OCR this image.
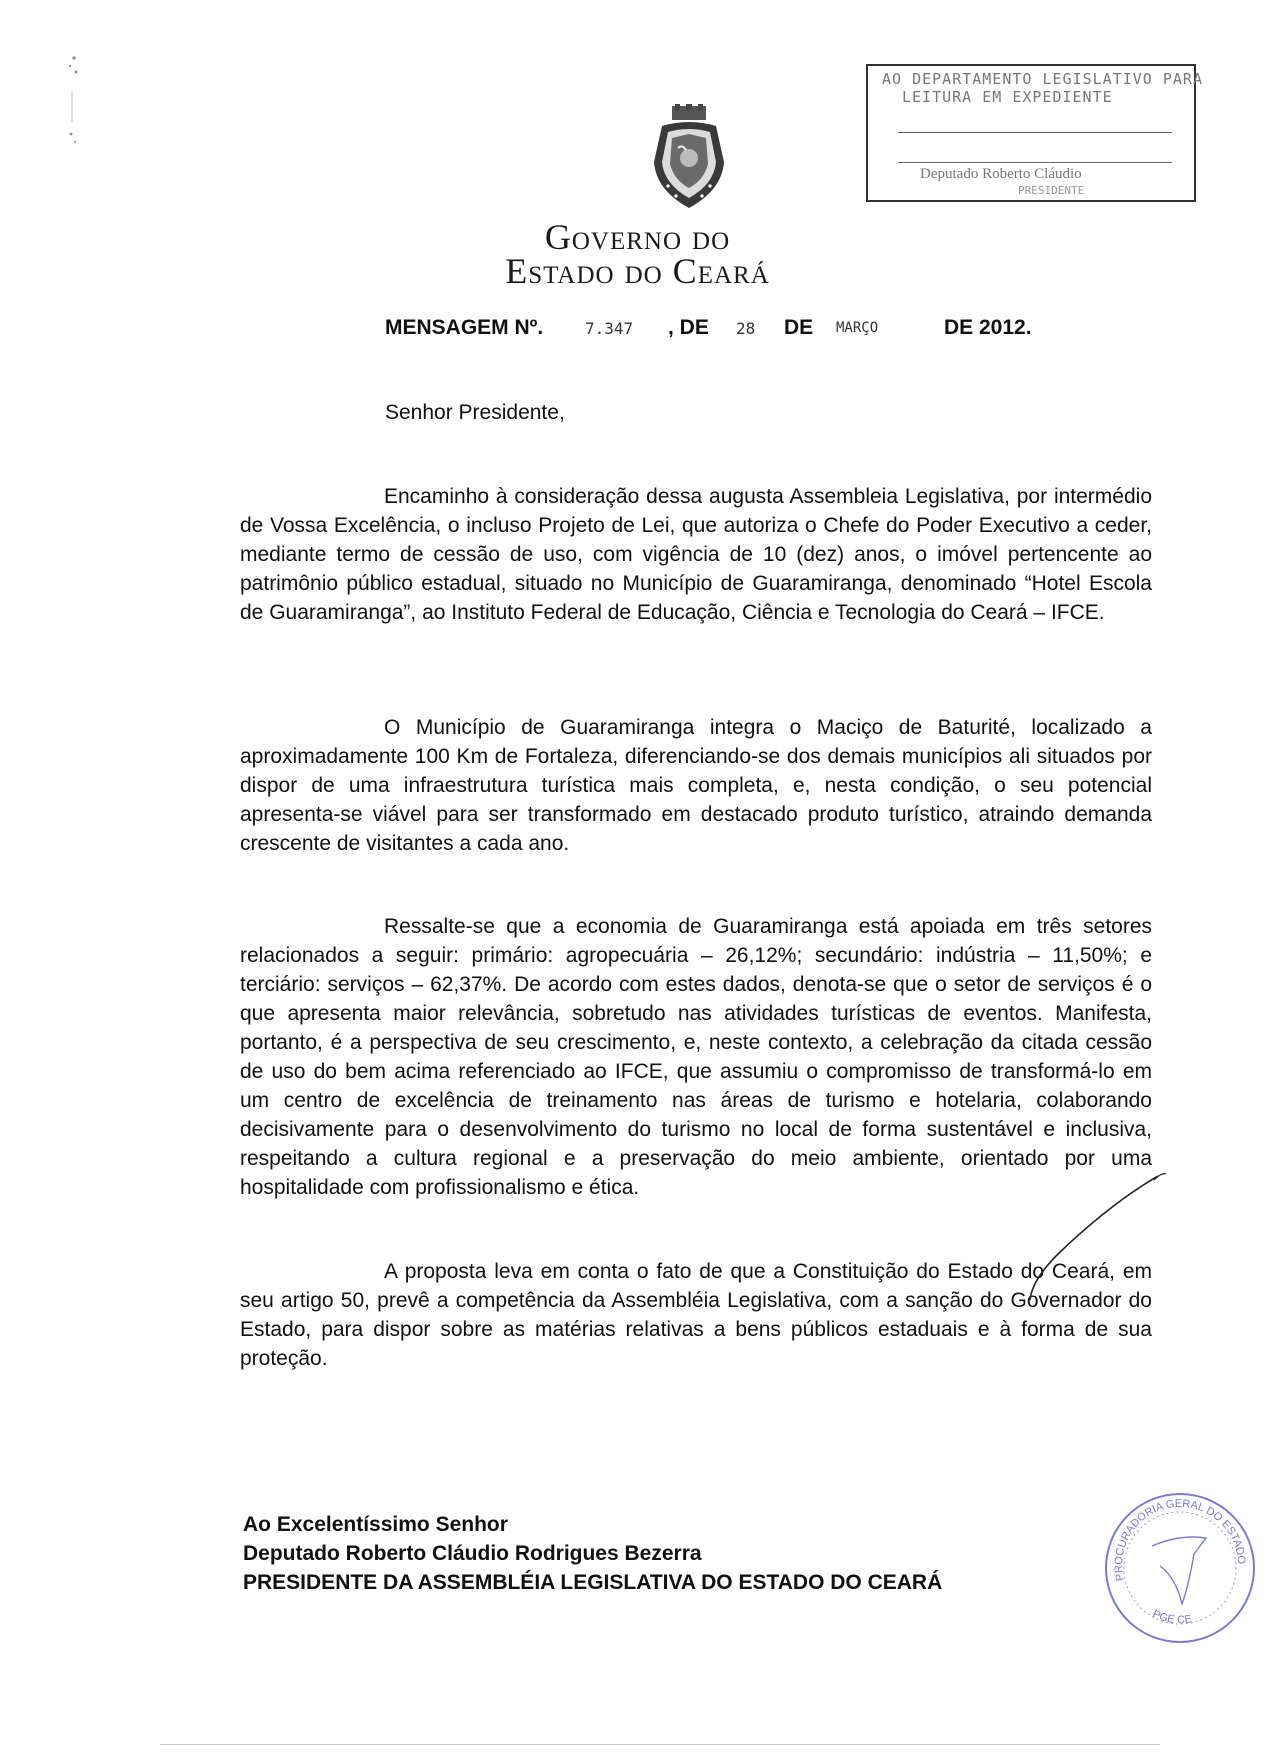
AO DEPARTAMENTO LEGISLATIVO PARA
LEITURA EM EXPEDIENTE
Deputado Roberto Cláudio
PRESIDENTE
Governo do
Estado do Ceará
MENSAGEM Nº.	7.347 , DE 28 DE MARÇO	DE 2012.
Senhor Presidente,
Encaminho à consideração dessa augusta Assembleia Legislativa, por intermédio de Vossa Excelência, o incluso Projeto de Lei, que autoriza o Chefe do Poder Executivo a ceder, mediante termo de cessão de uso, com vigência de 10 (dez) anos, o imóvel pertencente ao patrimônio público estadual, situado no Município de Guaramiranga, denominado “Hotel Escola de Guaramiranga”, ao Instituto Federal de Educação, Ciência e Tecnologia do Ceará – IFCE.
O Município de Guaramiranga integra o Maciço de Baturité, localizado a aproximadamente 100 Km de Fortaleza, diferenciando-se dos demais municípios ali situados por dispor de uma infraestrutura turística mais completa, e, nesta condição, o seu potencial apresenta-se viável para ser transformado em destacado produto turístico, atraindo demanda crescente de visitantes a cada ano.
Ressalte-se que a economia de Guaramiranga está apoiada em três setores relacionados a seguir: primário: agropecuária – 26,12%; secundário: indústria – 11,50%; e terciário: serviços – 62,37%. De acordo com estes dados, denota-se que o setor de serviços é o que apresenta maior relevância, sobretudo nas atividades turísticas de eventos. Manifesta, portanto, é a perspectiva de seu crescimento, e, neste contexto, a celebração da citada cessão de uso do bem acima referenciado ao IFCE, que assumiu o compromisso de transformá-lo em um centro de excelência de treinamento nas áreas de turismo e hotelaria, colaborando decisivamente para o desenvolvimento do turismo no local de forma sustentável e inclusiva, respeitando a cultura regional e a preservação do meio ambiente, orientado por uma hospitalidade com profissionalismo e ética.
A proposta leva em conta o fato de que a Constituição do Estado do Ceará, em seu artigo 50, prevê a competência da Assembléia Legislativa, com a sanção do Governador do Estado, para dispor sobre as matérias relativas a bens públicos estaduais e à forma de sua proteção.
Ao Excelentíssimo Senhor
Deputado Roberto Cláudio Rodrigues Bezerra
PRESIDENTE DA ASSEMBLÉIA LEGISLATIVA DO ESTADO DO CEARÁ	PROCURADORIA GERAL DO ESTADO
PGE CE
